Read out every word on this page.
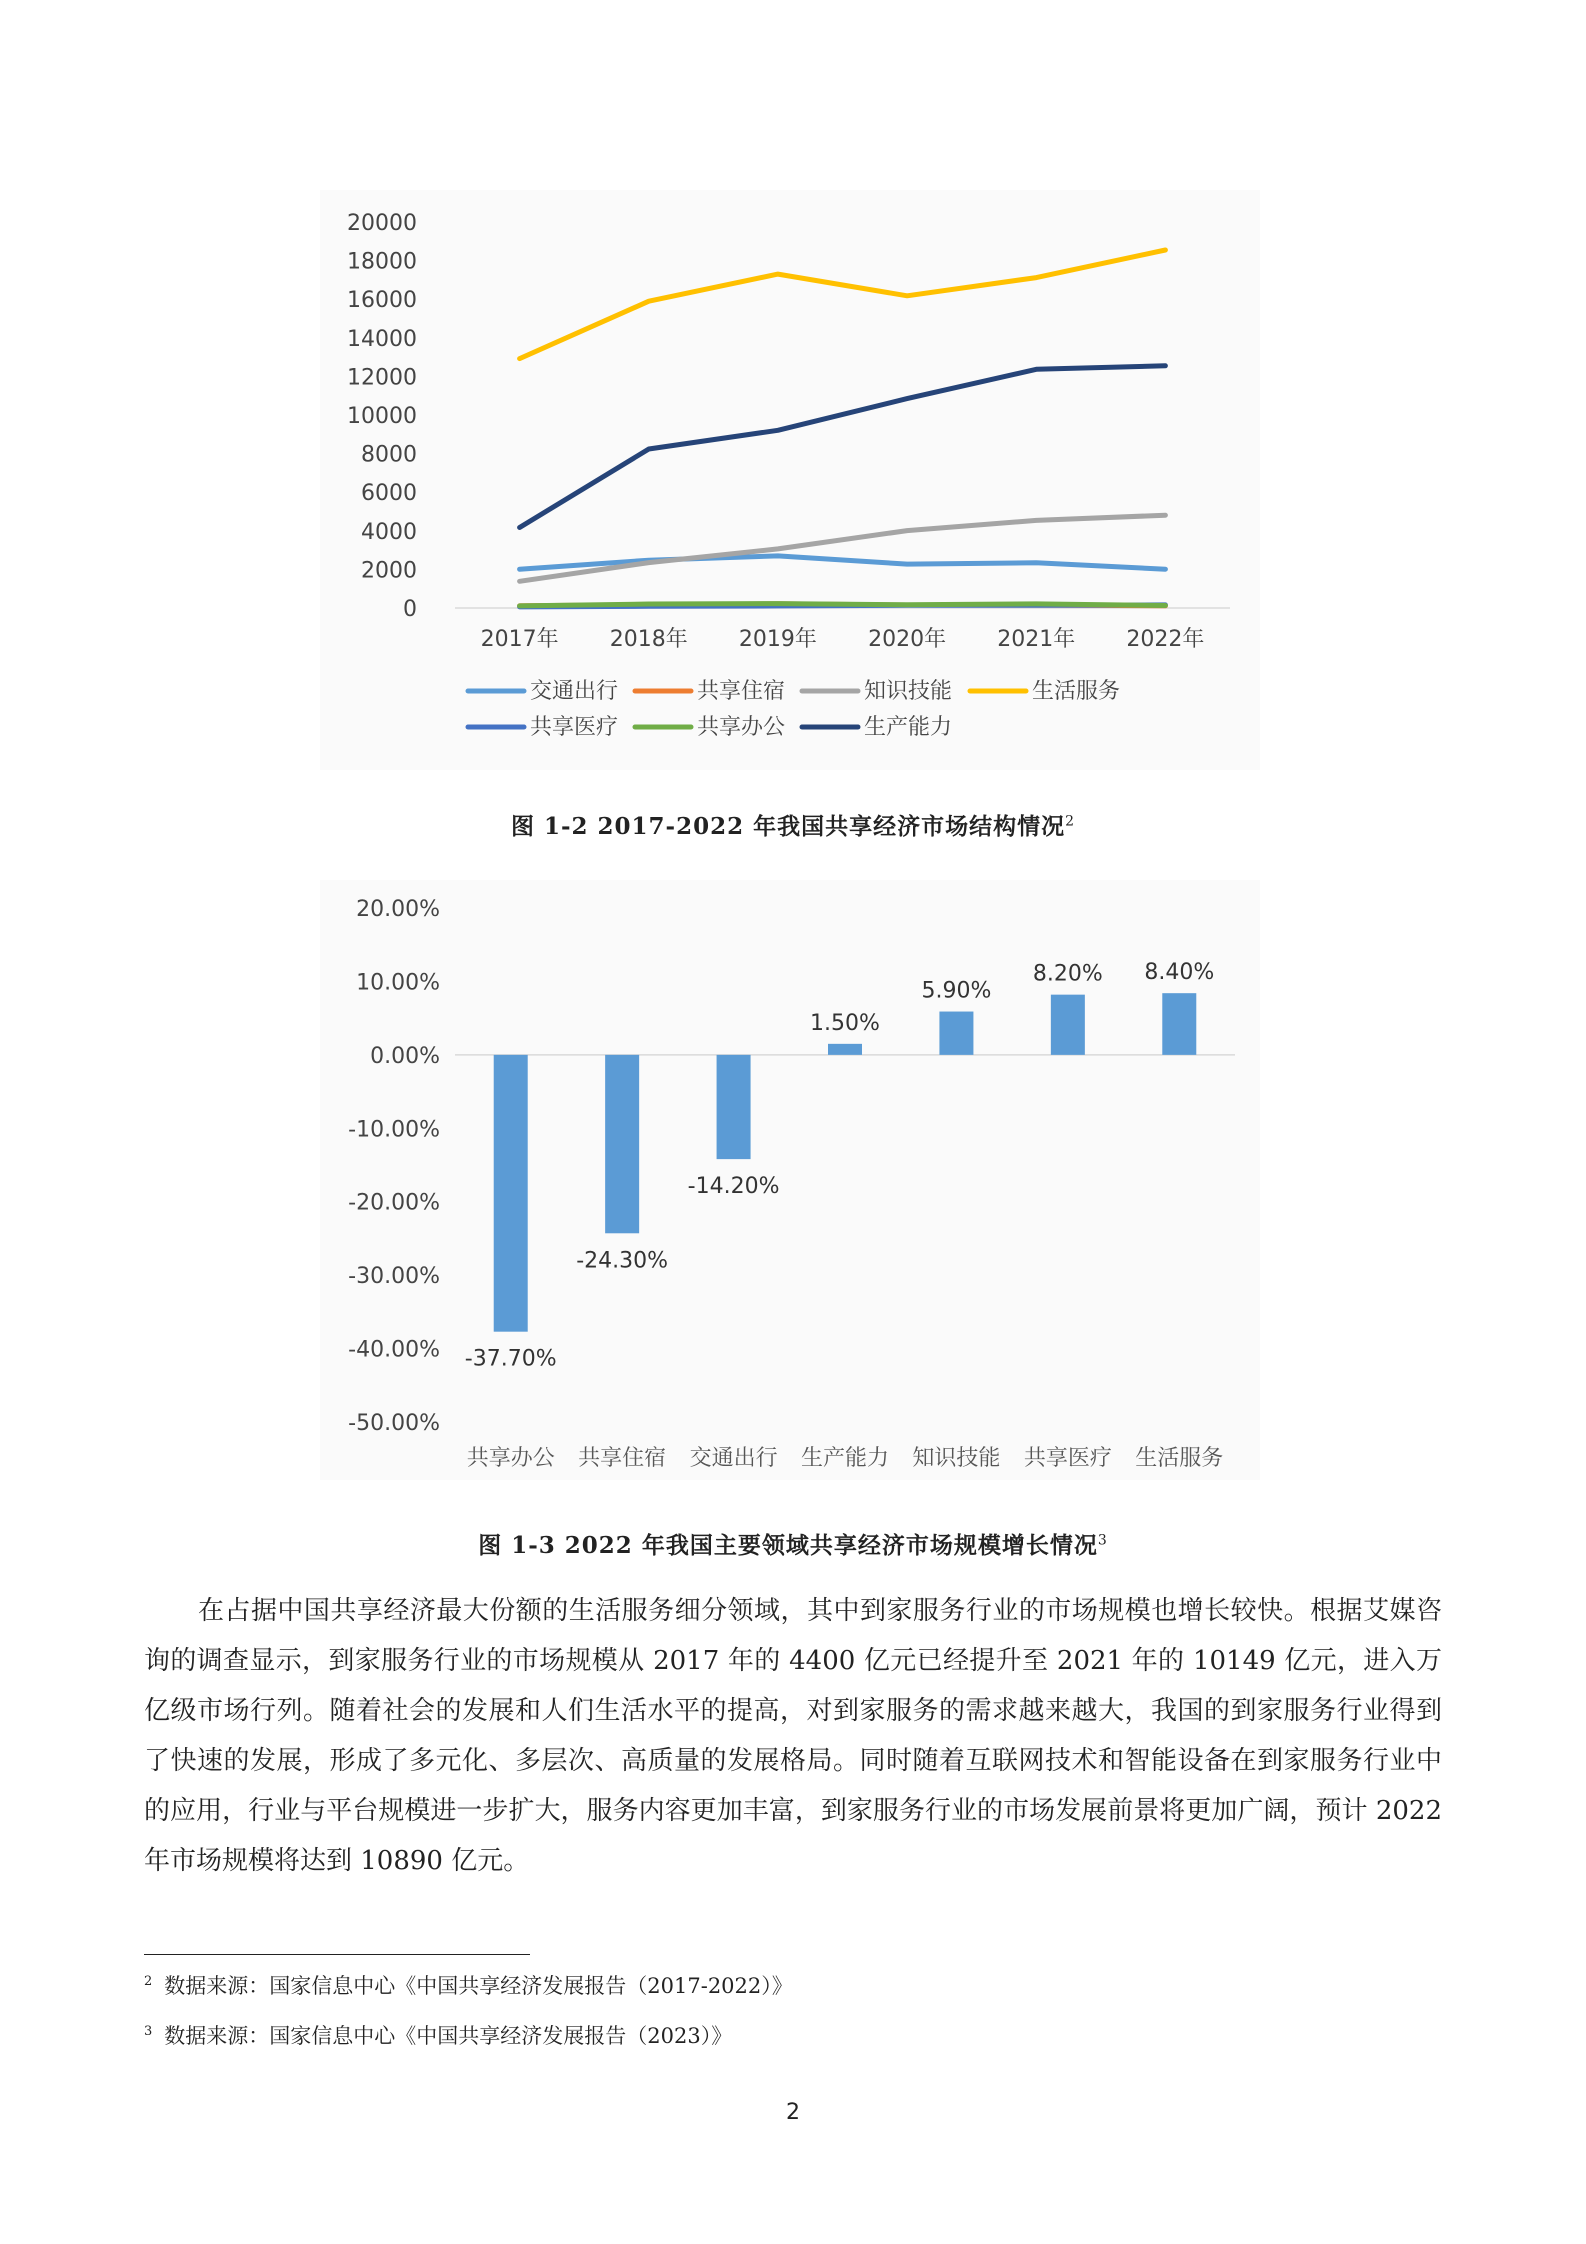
0
2000
4000
6000
8000
10000
12000
14000
16000
18000
20000
2017年 2018年 2019年 2020年 2021年 2022年
交通出行	共享住宿	知识技能	生活服务
共享医疗	共享办公	生产能力
图 1-2 2017-2022 年我国共享经济市场结构情况$^2$
20.00%
10.00%
0.00%
-10.00%
-20.00%
-30.00%
-40.00%
-50.00%
-37.70%
-24.30%
-14.20%
1.50%
5.90%
8.20% 8.40%
共享办公 共享住宿 交通出行 生产能力 知识技能 共享医疗 生活服务
图 1-3 2022 年我国主要领域共享经济市场规模增长情况$^3$

在占据中国共享经济最大份额的生活服务细分领域，其中到家服务行业的市场规模也增长较快。根据艾媒咨询的调查显示，到家服务行业的市场规模从 2017 年的 4400 亿元已经提升至 2021 年的 10149 亿元，进入万亿级市场行列。随着社会的发展和人们生活水平的提高，对到家服务的需求越来越大，我国的到家服务行业得到了快速的发展，形成了多元化、多层次、高质量的发展格局。同时随着互联网技术和智能设备在到家服务行业中的应用，行业与平台规模进一步扩大，服务内容更加丰富，到家服务行业的市场发展前景将更加广阔，预计 2022 年市场规模将达到 10890 亿元。

$^2$ 数据来源：国家信息中心《中国共享经济发展报告（2017-2022）》
$^3$ 数据来源：国家信息中心《中国共享经济发展报告（2023）》
2
